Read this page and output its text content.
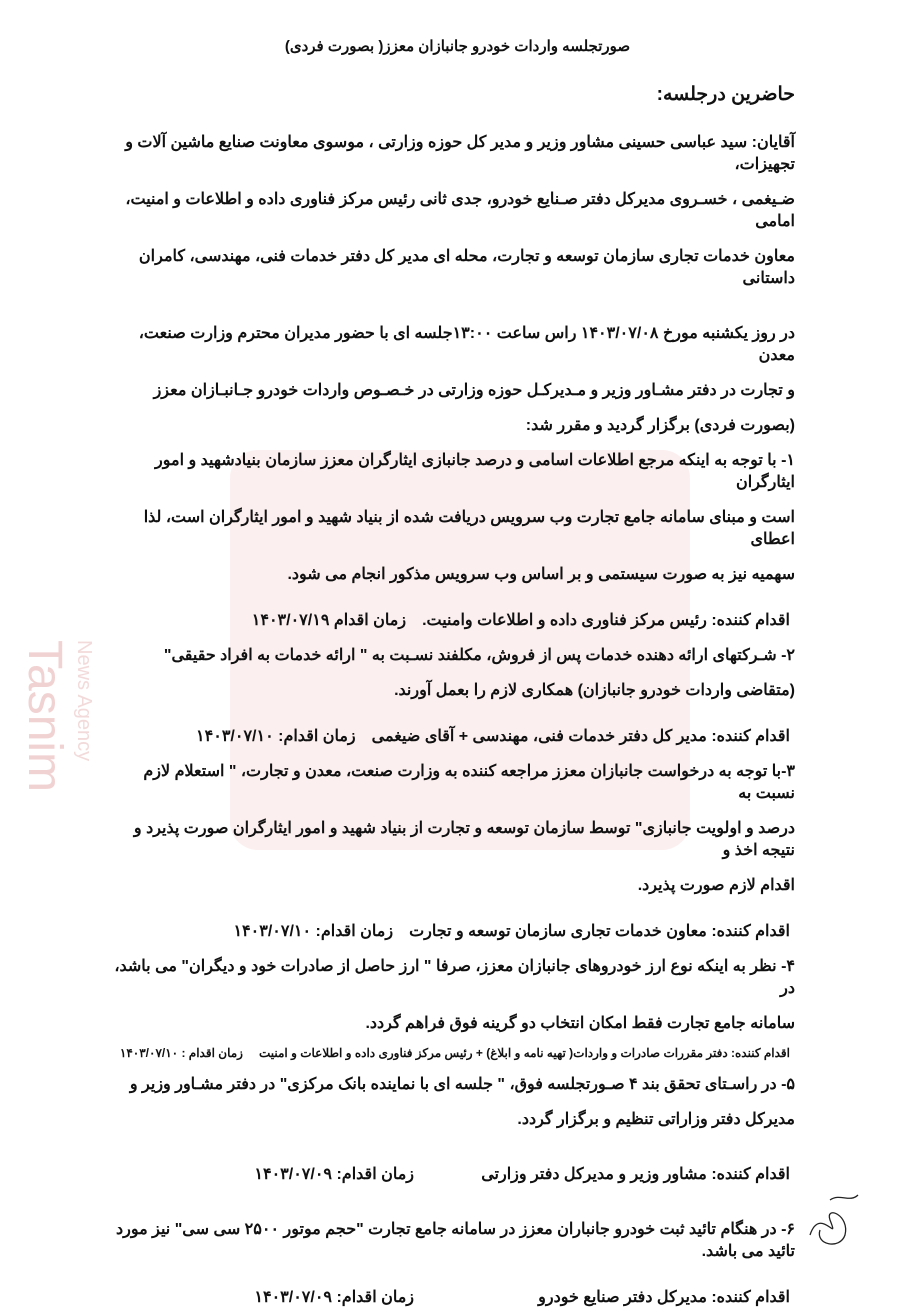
Tasnim News Agency
صورتجلسه واردات خودرو جانبازان معزز( بصورت فردی)
حاضرین درجلسه:
آقایان: سید عباسی حسینی مشاور وزیر و مدیر کل حوزه وزارتی ، موسوی معاونت صنایع ماشین آلات و تجهیزات،
ضـیغمی ، خسـروی مدیرکل دفتر صـنایع خودرو، جدی ثانی رئیس مرکز فناوری داده و اطلاعات و امنیت، امامی
معاون خدمات تجاری سازمان توسعه و تجارت، محله ای مدیر کل دفتر خدمات فنی، مهندسی، کامران داستانی
در روز یکشنبه مورخ ۱۴۰۳/۰۷/۰۸ راس ساعت ۱۳:۰۰جلسه ای با حضور مدیران محترم وزارت صنعت، معدن
و تجارت در دفتر مشـاور وزیر و مـدیرکـل حوزه وزارتی در خـصـوص واردات خودرو جـانبـازان معزز
(بصورت فردی) برگزار گردید و مقرر شد:
۱- با توجه به اینکه مرجع اطلاعات اسامی و درصد جانبازی ایثارگران معزز سازمان بنیادشهید و امور ایثارگران
است و مبنای سامانه جامع تجارت وب سرویس دریافت شده از بنیاد شهید و امور ایثارگران است، لذا اعطای
سهمیه نیز به صورت سیستمی و بر اساس وب سرویس مذکور انجام می شود.
اقدام کننده: رئیس مرکز فناوری داده و اطلاعات وامنیت.
زمان اقدام ۱۴۰۳/۰۷/۱۹
۲- شـرکتهای ارائه دهنده خدمات پس از فروش، مکلفند نسـبت به " ارائه خدمات به افراد حقیقی"
(متقاضی واردات خودرو جانبازان) همکاری لازم را بعمل آورند.
اقدام کننده: مدیر کل دفتر خدمات فنی، مهندسی + آقای ضیغمی
زمان اقدام: ۱۴۰۳/۰۷/۱۰
۳-با توجه به درخواست جانبازان معزز مراجعه کننده به وزارت صنعت، معدن و تجارت، " استعلام لازم نسبت به
درصد و اولویت جانبازی" توسط سازمان توسعه و تجارت از بنیاد شهید و امور ایثارگران صورت پذیرد و نتیجه اخذ و
اقدام لازم صورت پذیرد.
اقدام کننده: معاون خدمات تجاری سازمان توسعه و تجارت
زمان اقدام: ۱۴۰۳/۰۷/۱۰
۴- نظر به اینکه نوع ارز خودروهای جانبازان معزز، صرفا " ارز حاصل از صادرات خود و دیگران" می باشد، در
سامانه جامع تجارت فقط امکان انتخاب دو گرینه فوق فراهم گردد.
اقدام کننده: دفتر مقررات صادرات و واردات( تهیه نامه و ابلاغ) + رئیس مرکز فناوری داده و اطلاعات و امنیت
زمان اقدام : ۱۴۰۳/۰۷/۱۰
۵- در راسـتای تحقق بند ۴ صـورتجلسه فوق، " جلسه ای با نماینده بانک مرکزی" در دفتر مشـاور وزیر و
مدیرکل دفتر وزاراتی تنظیم و برگزار گردد.
اقدام کننده: مشاور وزیر و مدیرکل دفتر وزارتی
زمان اقدام: ۱۴۰۳/۰۷/۰۹
۶- در هنگام تائید ثبت خودرو جانباران معزز در سامانه جامع تجارت "حجم موتور ۲۵۰۰ سی سی" نیز مورد تائید می باشد.
اقدام کننده: مدیرکل دفتر صنایع خودرو
زمان اقدام: ۱۴۰۳/۰۷/۰۹
